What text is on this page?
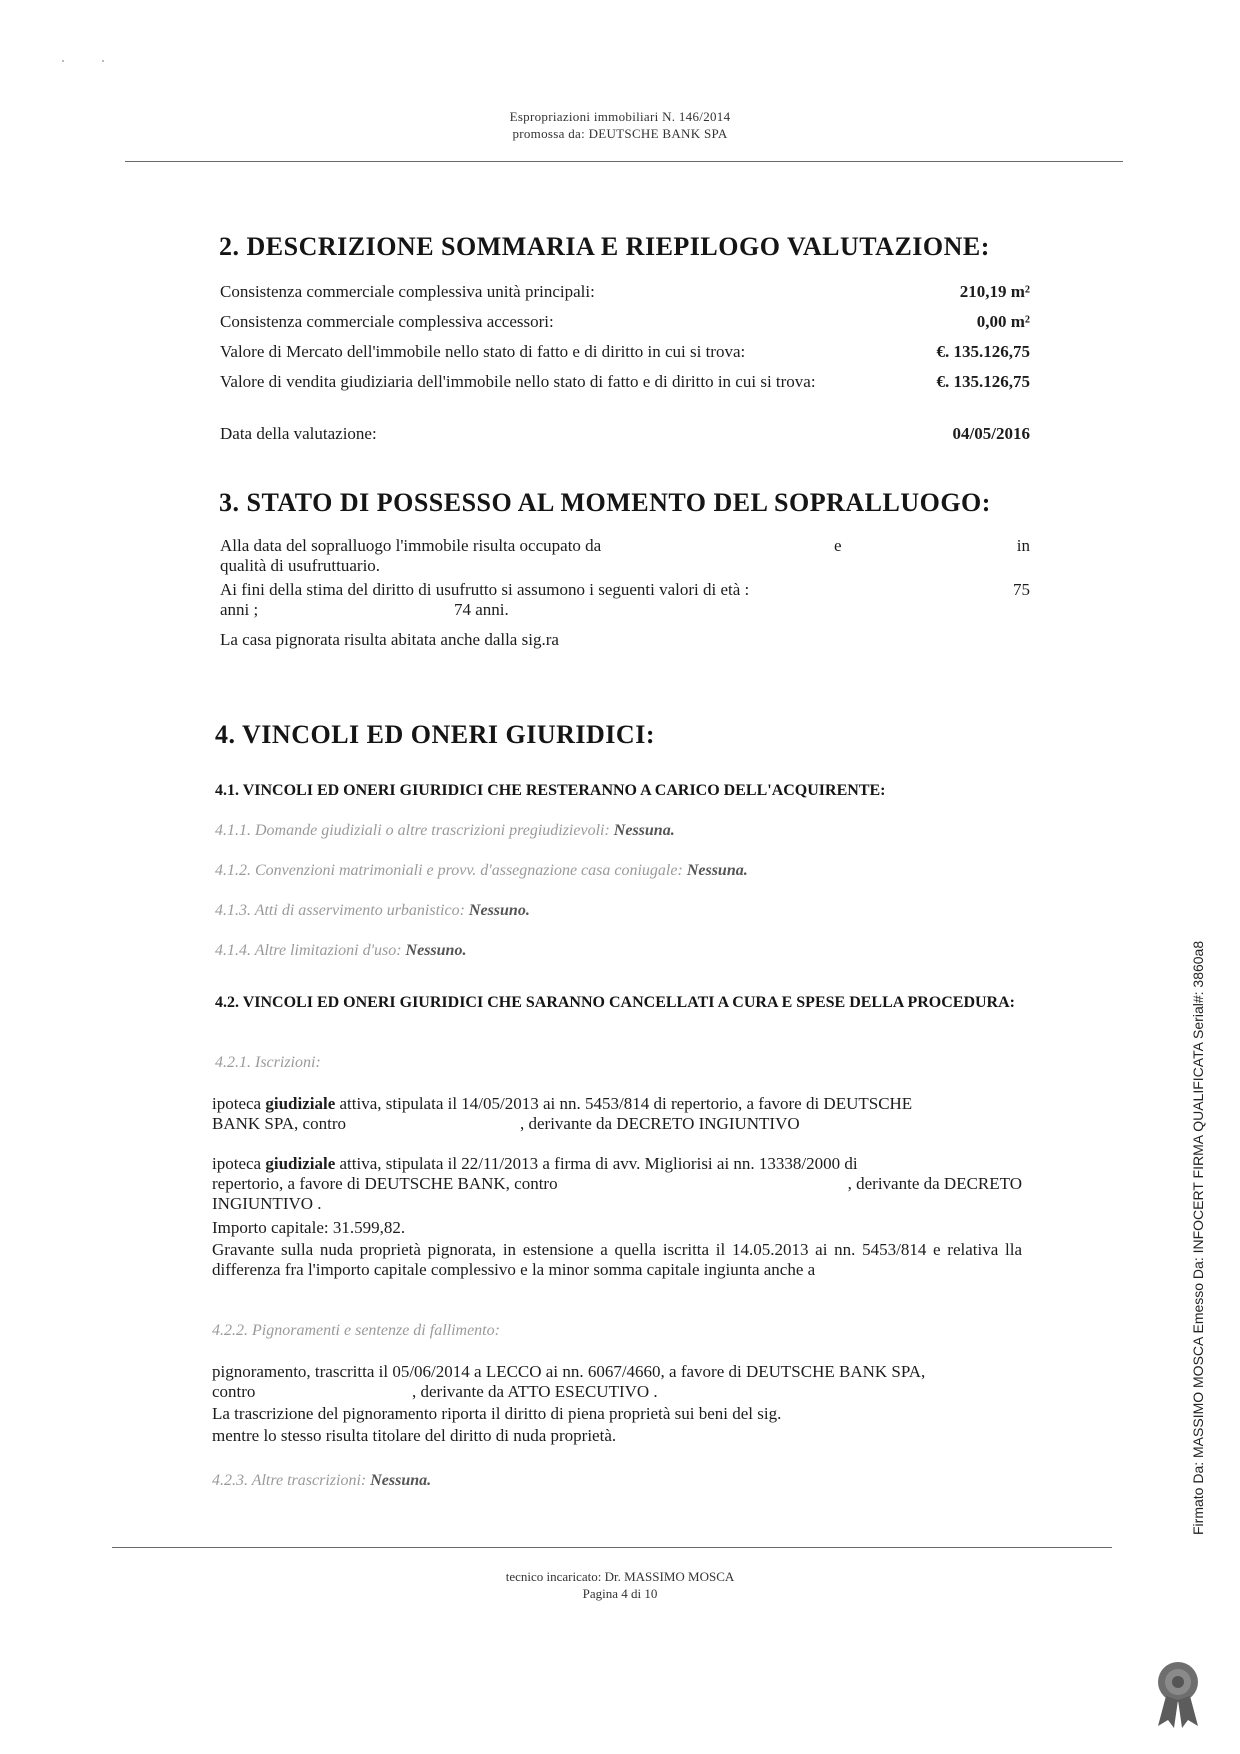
Espropriazioni immobiliari N. 146/2014
promossa da: DEUTSCHE BANK SPA
2. DESCRIZIONE SOMMARIA E RIEPILOGO VALUTAZIONE:
Consistenza commerciale complessiva unità principali:	210,19 m²
Consistenza commerciale complessiva accessori:	0,00 m²
Valore di Mercato dell'immobile nello stato di fatto e di diritto in cui si trova:	€. 135.126,75
Valore di vendita giudiziaria dell'immobile nello stato di fatto e di diritto in cui si trova:	€. 135.126,75
Data della valutazione:	04/05/2016
3. STATO DI POSSESSO AL MOMENTO DEL SOPRALLUOGO:
Alla data del sopralluogo l'immobile risulta occupato da	e	in
qualità di usufruttuario.
Ai fini della stima del diritto di usufrutto si assumono i seguenti valori di età :	75
anni ;	74 anni.
La casa pignorata risulta abitata anche dalla sig.ra
4. VINCOLI ED ONERI GIURIDICI:
4.1. VINCOLI ED ONERI GIURIDICI CHE RESTERANNO A CARICO DELL'ACQUIRENTE:
4.1.1. Domande giudiziali o altre trascrizioni pregiudizievoli: Nessuna.
4.1.2. Convenzioni matrimoniali e provv. d'assegnazione casa coniugale: Nessuna.
4.1.3. Atti di asservimento urbanistico: Nessuno.
4.1.4. Altre limitazioni d'uso: Nessuno.
4.2. VINCOLI ED ONERI GIURIDICI CHE SARANNO CANCELLATI A CURA E SPESE DELLA PROCEDURA:
4.2.1. Iscrizioni:
ipoteca giudiziale attiva, stipulata il 14/05/2013 ai nn. 5453/814 di repertorio, a favore di DEUTSCHE
BANK SPA, contro	, derivante da DECRETO INGIUNTIVO
ipoteca giudiziale attiva, stipulata il 22/11/2013 a firma di avv. Migliorisi ai nn. 13338/2000 di
repertorio, a favore di DEUTSCHE BANK, contro	, derivante da DECRETO
INGIUNTIVO .
Importo capitale: 31.599,82.
Gravante sulla nuda proprietà pignorata, in estensione a quella iscritta il 14.05.2013 ai nn. 5453/814 e relativa lla differenza fra l'importo capitale complessivo e la minor somma capitale ingiunta anche a
4.2.2. Pignoramenti e sentenze di fallimento:
pignoramento, trascritta il 05/06/2014 a LECCO ai nn. 6067/4660, a favore di DEUTSCHE BANK SPA,
contro	, derivante da ATTO ESECUTIVO .
La trascrizione del pignoramento riporta il diritto di piena proprietà sui beni del sig.
mentre lo stesso risulta titolare del diritto di nuda proprietà.
4.2.3. Altre trascrizioni: Nessuna.
tecnico incaricato: Dr. MASSIMO MOSCA
Pagina 4 di 10
Firmato Da: MASSIMO MOSCA Emesso Da: INFOCERT FIRMA QUALIFICATA Serial#: 3860a8
